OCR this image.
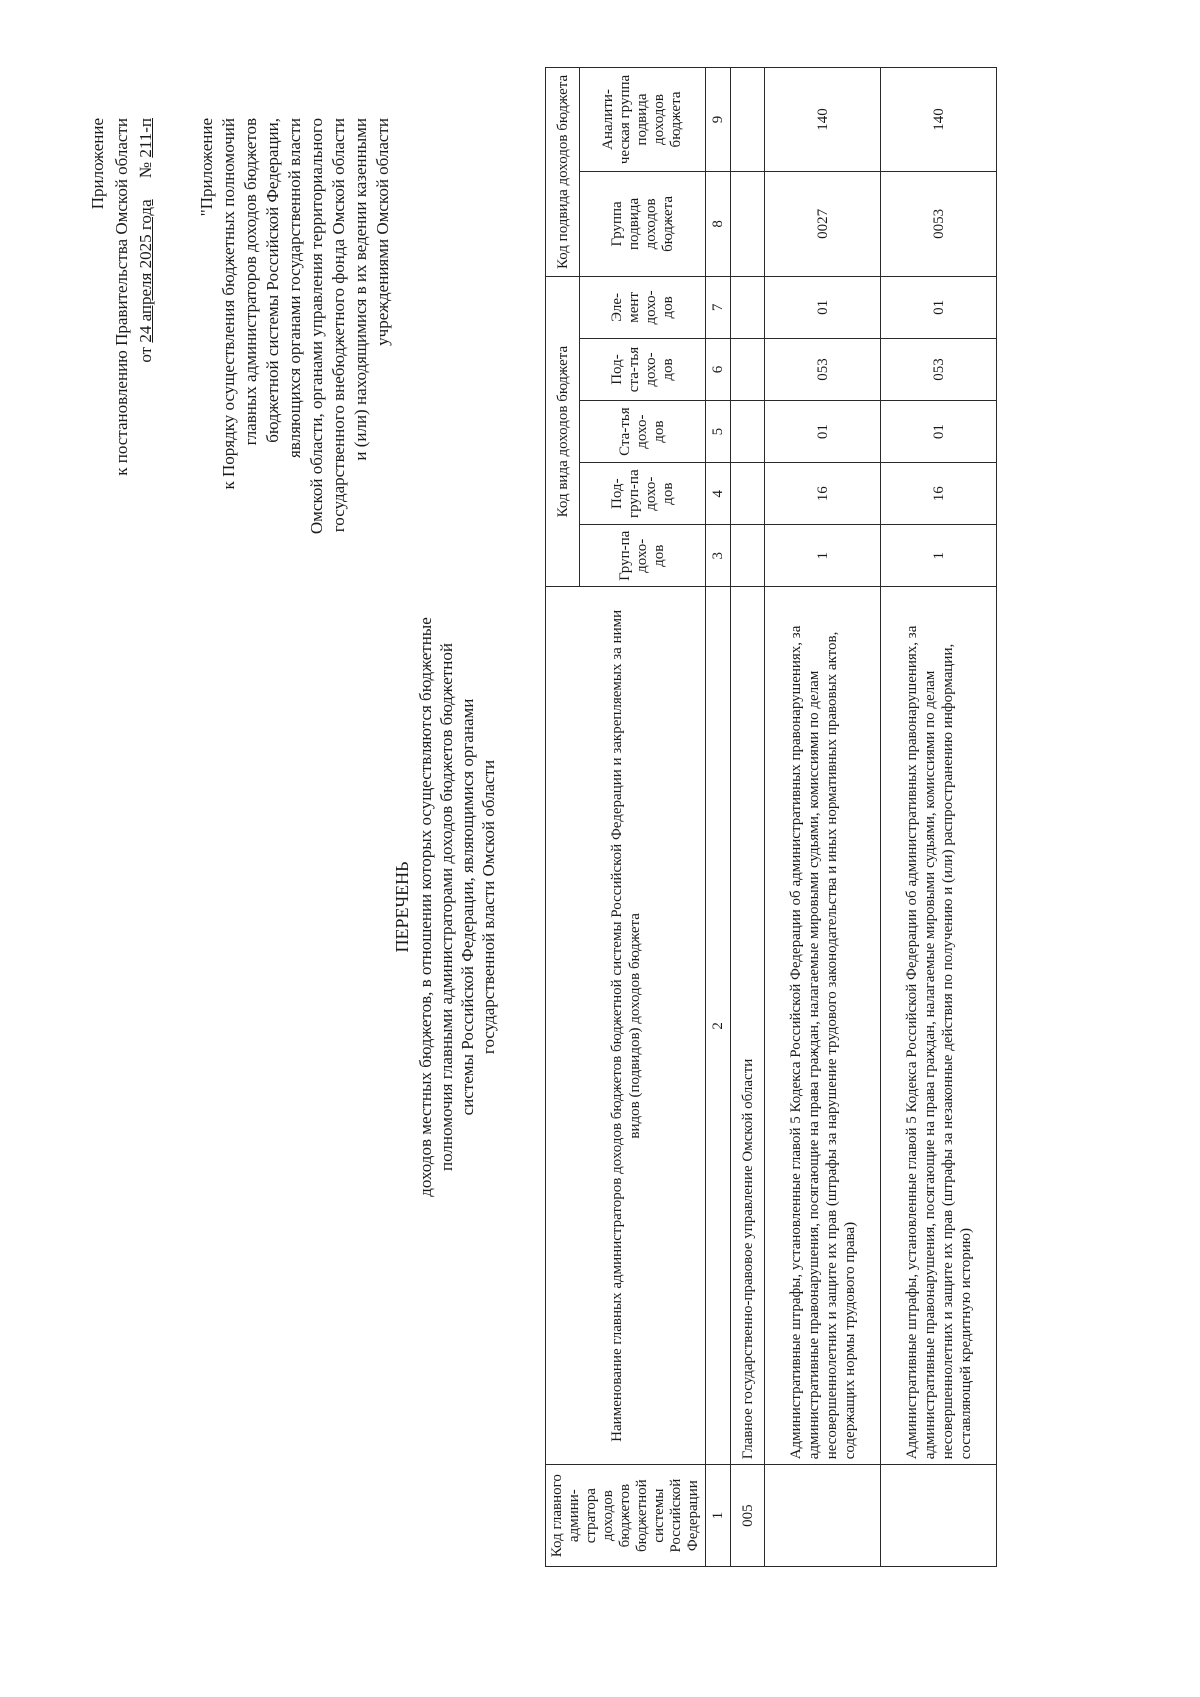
Приложение к постановлению Правительства Омской области от 24 апреля 2025 года     № 211-п "Приложение к Порядку осуществления бюджетных полномочий главных администраторов доходов бюджетов бюджетной системы Российской Федерации, являющихся органами государственной власти Омской области, органами управления территориального государственного внебюджетного фонда Омской области и (или) находящимися в их ведении казенными учреждениями Омской области
ПЕРЕЧЕНЬ доходов местных бюджетов, в отношении которых осуществляются бюджетные полномочия главными администраторами доходов бюджетов бюджетной системы Российской Федерации, являющимися органами государственной власти Омской области
Код главного админи-стратора доходов бюджетов бюджетной системы Российской Федерации	Наименование главных администраторов доходов бюджетов бюджетной системы Российской Федерации и закрепляемых за ними видов (подвидов) доходов бюджета	Код вида доходов бюджета					Код подвида доходов бюджета	
		Груп-па дохо-дов	Под-груп-па дохо-дов	Ста-тья дохо-дов	Под-ста-тья дохо-дов	Эле-мент дохо-дов	Группа подвида доходов бюджета	Аналити-ческая группа подвида доходов бюджета
1	2	3	4	5	6	7	8	9
005	Главное государственно-правовое управление Омской области							
	Административные штрафы, установленные главой 5 Кодекса Российской Федерации об административных правонарушениях, за административные правонарушения, посягающие на права граждан, налагаемые мировыми судьями, комиссиями по делам несовершеннолетних и защите их прав (штрафы за нарушение трудового законодательства и иных нормативных правовых актов, содержащих нормы трудового права)	1	16	01	053	01	0027	140
	Административные штрафы, установленные главой 5 Кодекса Российской Федерации об административных правонарушениях, за административные правонарушения, посягающие на права граждан, налагаемые мировыми судьями, комиссиями по делам несовершеннолетних и защите их прав (штрафы за незаконные действия по получению и (или) распространению информации, составляющей кредитную историю)	1	16	01	053	01	0053	140
